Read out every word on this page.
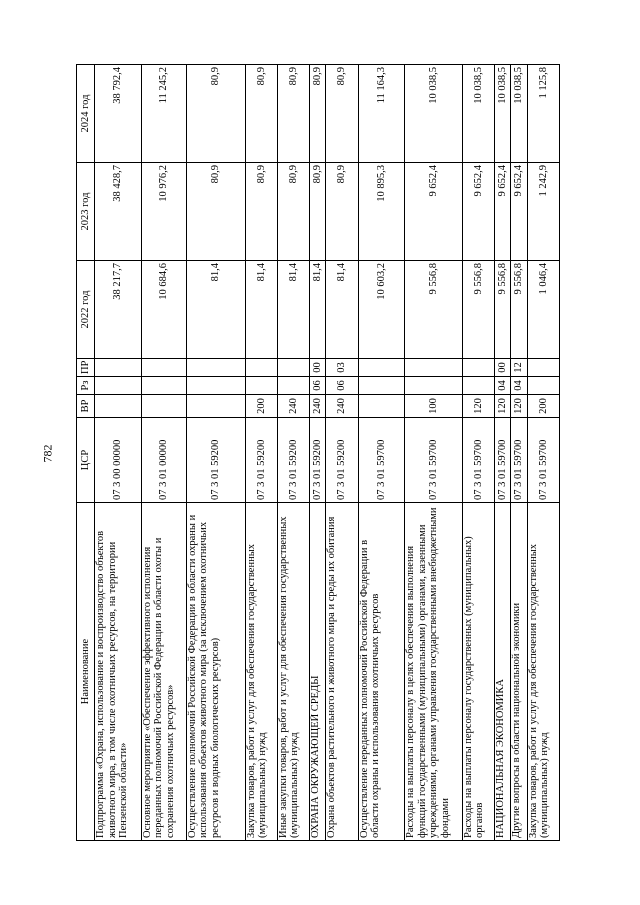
782
Наименование	ЦСР	ВР	Рз	ПР	2022 год	2023 год	2024 год
Подпрограмма «Охрана, использование и воспроизводство объектов животного мира, в том числе охотничьих ресурсов, на территории Пензенской области»	07 3 00 00000				38 217,7	38 428,7	38 792,4
Основное мероприятие «Обеспечение эффективного исполнения переданных полномочий Российской Федерации в области охоты и сохранения охотничьих ресурсов»	07 3 01 00000				10 684,6	10 976,2	11 245,2
Осуществление полномочий Российской Федерации в области охраны и использования объектов животного мира (за исключением охотничьих ресурсов и водных биологических ресурсов)	07 3 01 59200				81,4	80,9	80,9
Закупка товаров, работ и услуг для обеспечения государственных (муниципальных) нужд	07 3 01 59200	200			81,4	80,9	80,9
Иные закупки товаров, работ и услуг для обеспечения государственных (муниципальных) нужд	07 3 01 59200	240			81,4	80,9	80,9
ОХРАНА ОКРУЖАЮЩЕЙ СРЕДЫ	07 3 01 59200	240	06	00	81,4	80,9	80,9
Охрана объектов растительного и животного мира и среды их обитания	07 3 01 59200	240	06	03	81,4	80,9	80,9
Осуществление переданных полномочий Российской Федерации в области охраны и использования охотничьих ресурсов	07 3 01 59700				10 603,2	10 895,3	11 164,3
Расходы на выплаты персоналу в целях обеспечения выполнения функций государственными (муниципальными) органами, казенными учреждениями, органами управления государственными внебюджетными фондами	07 3 01 59700	100			9 556,8	9 652,4	10 038,5
Расходы на выплаты персоналу государственных (муниципальных) органов	07 3 01 59700	120			9 556,8	9 652,4	10 038,5
НАЦИОНАЛЬНАЯ ЭКОНОМИКА	07 3 01 59700	120	04	00	9 556,8	9 652,4	10 038,5
Другие вопросы в области национальной экономики	07 3 01 59700	120	04	12	9 556,8	9 652,4	10 038,5
Закупка товаров, работ и услуг для обеспечения государственных (муниципальных) нужд	07 3 01 59700	200			1 046,4	1 242,9	1 125,8
